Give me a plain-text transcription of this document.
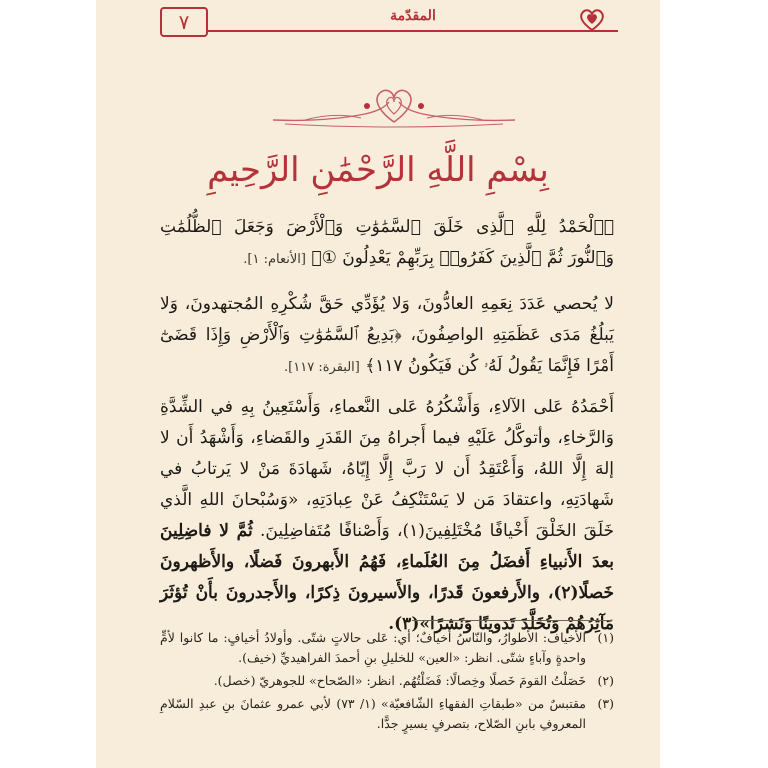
٧	المقدّمة
بِسْمِ اللَّهِ الرَّحْمَٰنِ الرَّحِيمِ
﴿ٱلْحَمْدُ لِلَّهِ ٱلَّذِى خَلَقَ ٱلسَّمَٰوَٰتِ وَٱلْأَرْضَ وَجَعَلَ ٱلظُّلُمَٰتِ وَٱلنُّورَ ثُمَّ ٱلَّذِينَ كَفَرُوا۟ بِرَبِّهِمْ يَعْدِلُونَ ①﴾ [الأنعام: ١].
لا يُحصي عَدَدَ نِعَمِهِ العادُّونَ، وَلا يُؤَدِّي حَقَّ شُكْرِهِ المُجتهدونَ، وَلا يَبلُغُ مَدَى عَظَمَتِهِ الواصِفُونَ، ﴿بَدِيعُ ٱلسَّمَٰوَٰتِ وَٱلْأَرْضِ وَإِذَا قَضَىٰٓ أَمْرًا فَإِنَّمَا يَقُولُ لَهُۥ كُن فَيَكُونُ ١١٧﴾ [البقرة: ١١٧].
أَحْمَدُهُ عَلى الآلاءِ، وَأَشْكُرُهُ عَلى النَّعماءِ، وَأَسْتَعِينُ بِهِ في الشِّدَّةِ وَالرَّخاءِ، وأتوكَّلُ عَلَيْهِ فيما أَجراهُ مِنَ القَدَرِ والقَضاءِ، وَأَشْهَدُ أَن لا إلهَ إِلَّا اللهُ، وَأَعْتَقِدُ أَن لا رَبَّ إِلَّا إِيّاهُ، شَهادَةَ مَنْ لا يَرتابُ في شَهادَتِهِ، واعتقادَ مَن لا يَسْتَنْكِفُ عَنْ عِبادَتِهِ، «وَسُبْحانَ اللهِ الَّذي خَلَقَ الخَلْقَ أَخْيافًا مُخْتَلِفِينَ(١)، وَأَصْنافًا مُتَفاضِلِينَ. ثُمَّ لا فاضِلِينَ بعدَ الأَنبياءِ أَفضَلُ مِنَ العُلَماءِ، فَهُمُ الأَبهرونَ فَضلًا، والأَظهرونَ خَصلًا(٢)، والأَرفعونَ قَدرًا، والأَسيرونَ ذِكرًا، والأَجدرونَ بأَنْ تُؤثَرَ مَآثِرُهُمْ وَتُخَلَّدَ تَدوينًا وَنَشرًا»(٣).
(١)
الأخياف: الأطوارُ، والنّاسُ أخيافٌ؛ أي: عَلى حالاتٍ شتّى. وأولادُ أخيافٍ: ما كانوا لأمٍّ واحدةٍ وآباءٍ شتّى. انظر: «العين» للخليلِ بنِ أحمدَ الفراهيديِّ (خيف).
(٢)
خَصَلْتُ القومَ خَصلًا وخِصالًا: فَضَلْتُهُم. انظر: «الصّحاح» للجوهريّ (خصل).
(٣)
مقتبسٌ من «طبقاتِ الفقهاءِ الشّافعيّة» (١/ ٧٣) لأبي عمرو عثمانَ بنِ عبدِ السّلامِ المعروفِ بابنِ الصّلاح، بتصرفٍ يسيرٍ جدًّا.
